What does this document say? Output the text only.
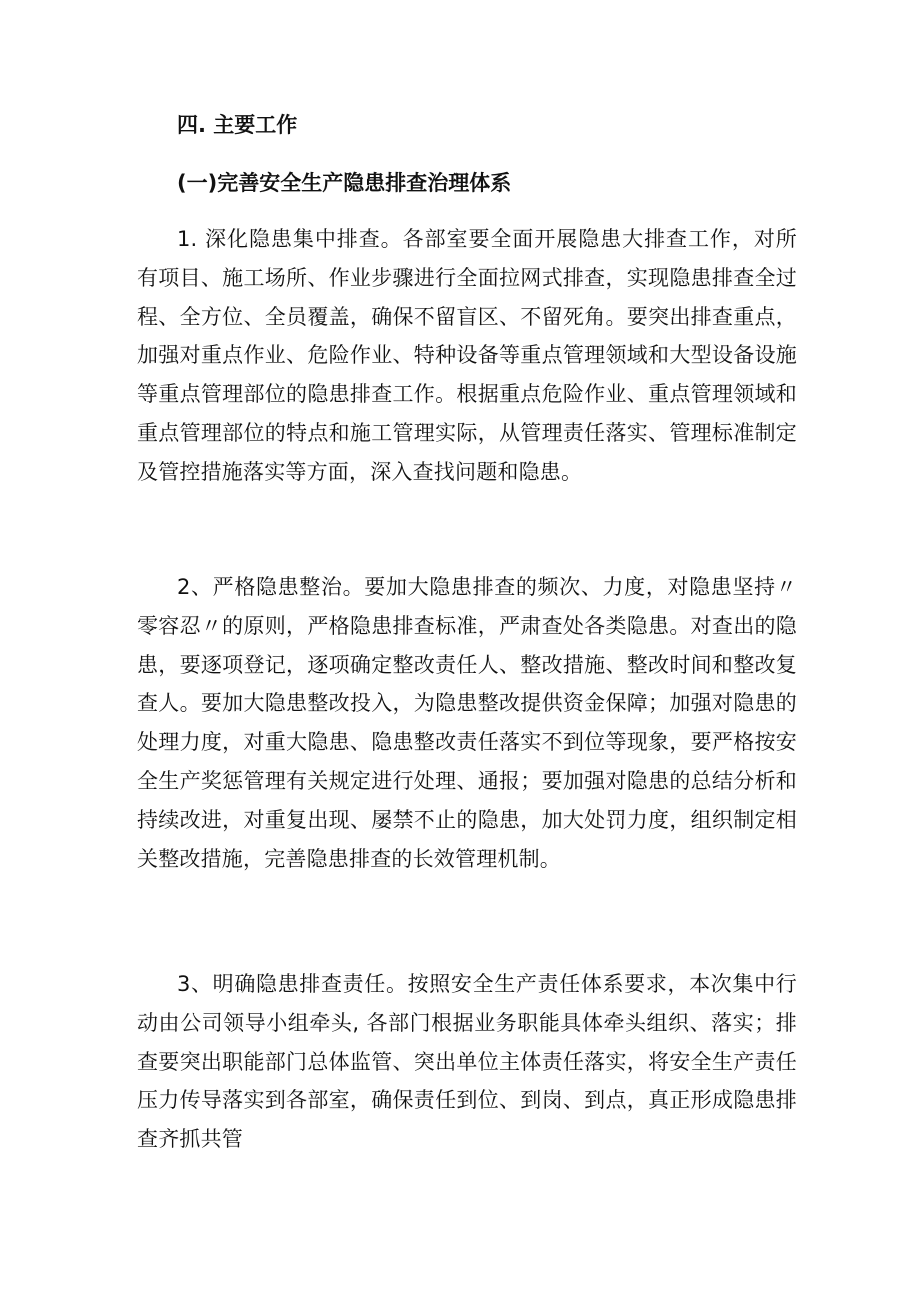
四. 主要工作
(一)完善安全生产隐患排查治理体系

1. 深化隐患集中排查。各部室要全面开展隐患大排查工作，对所有项目、施工场所、作业步骤进行全面拉网式排查，实现隐患排查全过程、全方位、全员覆盖，确保不留盲区、不留死角。要突出排查重点，加强对重点作业、危险作业、特种设备等重点管理领域和大型设备设施等重点管理部位的隐患排查工作。根据重点危险作业、重点管理领域和重点管理部位的特点和施工管理实际，从管理责任落实、管理标准制定及管控措施落实等方面，深入查找问题和隐患。

2、严格隐患整治。要加大隐患排查的频次、力度，对隐患坚持〃零容忍〃的原则，严格隐患排查标准，严肃查处各类隐患。对查出的隐患，要逐项登记，逐项确定整改责任人、整改措施、整改时间和整改复查人。要加大隐患整改投入，为隐患整改提供资金保障；加强对隐患的处理力度，对重大隐患、隐患整改责任落实不到位等现象，要严格按安全生产奖惩管理有关规定进行处理、通报；要加强对隐患的总结分析和持续改进，对重复出现、屡禁不止的隐患，加大处罚力度，组织制定相关整改措施，完善隐患排查的长效管理机制。

3、明确隐患排查责任。按照安全生产责任体系要求，本次集中行动由公司领导小组牵头, 各部门根据业务职能具体牵头组织、落实；排查要突出职能部门总体监管、突出单位主体责任落实，将安全生产责任压力传导落实到各部室，确保责任到位、到岗、到点，真正形成隐患排查齐抓共管
